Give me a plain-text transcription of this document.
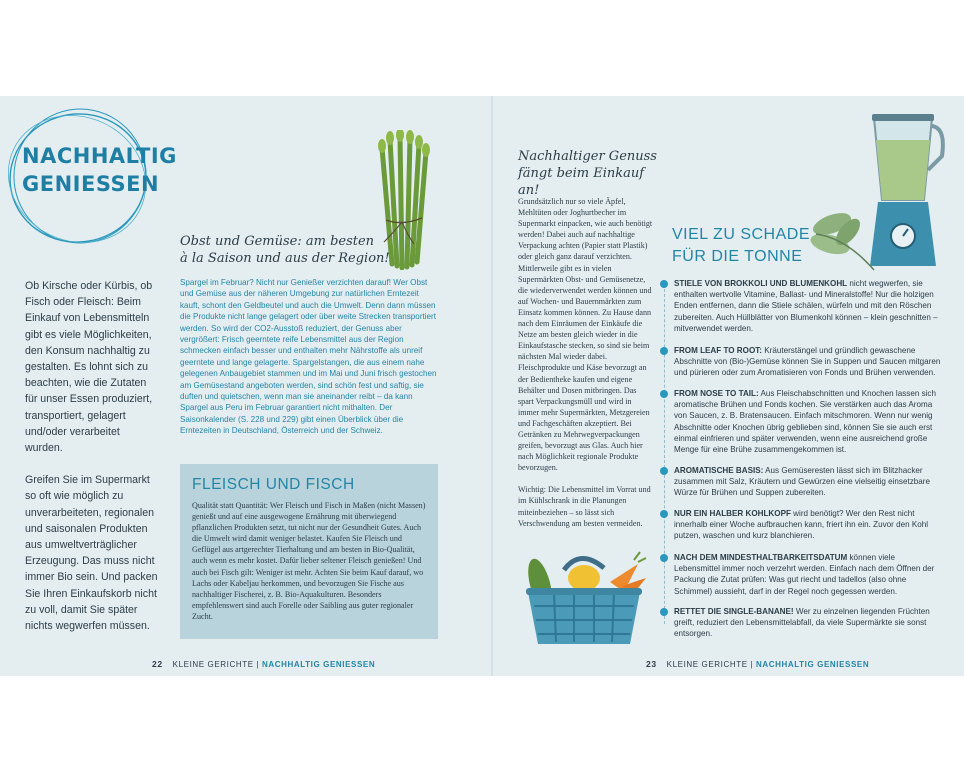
NACHHALTIG
GENIESSEN

Ob Kirsche oder Kürbis, ob Fisch oder Fleisch: Beim Einkauf von Lebensmitteln gibt es viele Möglichkeiten, den Konsum nachhaltig zu gestalten. Es lohnt sich zu beachten, wie die Zutaten für unser Essen produziert, transportiert, gelagert und/oder verarbeitet wurden.

Greifen Sie im Supermarkt so oft wie möglich zu unverarbeiteten, regionalen und saisonalen Produkten aus umweltverträglicher Erzeugung. Das muss nicht immer Bio sein. Und packen Sie Ihren Einkaufskorb nicht zu voll, damit Sie später nichts wegwerfen müssen.

Obst und Gemüse: am besten
à la Saison und aus der Region!

Spargel im Februar? Nicht nur Genießer verzichten darauf! Wer Obst und Gemüse aus der näheren Umgebung zur natürlichen Erntezeit kauft, schont den Geldbeutel und auch die Umwelt. Denn dann müssen die Produkte nicht lange gelagert oder über weite Strecken transportiert werden. So wird der CO2-Ausstoß reduziert, der Genuss aber vergrößert: Frisch geerntete reife Lebensmittel aus der Region schmecken einfach besser und enthalten mehr Nährstoffe als unreif geerntete und lange gelagerte. Spargelstangen, die aus einem nahe gelegenen Anbaugebiet stammen und im Mai und Juni frisch gestochen am Gemüsestand angeboten werden, sind schön fest und saftig, sie duften und quietschen, wenn man sie aneinander reibt – da kann Spargel aus Peru im Februar garantiert nicht mithalten. Der Saisonkalender (S. 228 und 229) gibt einen Überblick über die Erntezeiten in Deutschland, Österreich und der Schweiz.

FLEISCH UND FISCH

Qualität statt Quantität: Wer Fleisch und Fisch in Maßen (nicht Massen) genießt und auf eine ausgewogene Ernährung mit überwiegend pflanzlichen Produkten setzt, tut nicht nur der Gesundheit Gutes. Auch die Umwelt wird damit weniger belastet. Kaufen Sie Fleisch und Geflügel aus artgerechter Tierhaltung und am besten in Bio-Qualität, auch wenn es mehr kostet. Dafür lieber seltener Fleisch genießen! Und auch bei Fisch gilt: Weniger ist mehr. Achten Sie beim Kauf darauf, wo Lachs oder Kabeljau herkommen, und bevorzugen Sie Fische aus nachhaltiger Fischerei, z. B. Bio-Aquakulturen. Besonders empfehlenswert sind auch Forelle oder Saibling aus guter regionaler Zucht.

22 KLEINE GERICHTE | NACHHALTIG GENIESSEN
Nachhaltiger Genuss
fängt beim Einkauf an!

Grundsätzlich nur so viele Äpfel, Mehltüten oder Joghurtbecher im Supermarkt einpacken, wie auch benötigt werden! Dabei auch auf nachhaltige Verpackung achten (Papier statt Plastik) oder gleich ganz darauf verzichten. Mittlerweile gibt es in vielen Supermärkten Obst- und Gemüsenetze, die wiederverwendet werden können und auf Wochen- und Bauernmärkten zum Einsatz kommen können. Zu Hause dann nach dem Einräumen der Einkäufe die Netze am besten gleich wieder in die Einkaufstasche stecken, so sind sie beim nächsten Mal wieder dabei. Fleischprodukte und Käse bevorzugt an der Bedientheke kaufen und eigene Behälter und Dosen mitbringen. Das spart Verpackungsmüll und wird in immer mehr Supermärkten, Metzgereien und Fachgeschäften akzeptiert. Bei Getränken zu Mehrwegverpackungen greifen, bevorzugt aus Glas. Auch hier nach Möglichkeit regionale Produkte bevorzugen.

Wichtig: Die Lebensmittel im Vorrat und im Kühlschrank in die Planungen miteinbeziehen – so lässt sich Verschwendung am besten vermeiden.

VIEL ZU SCHADE
FÜR DIE TONNE
STIELE VON BROKKOLI UND BLUMENKOHL nicht wegwerfen, sie enthalten wertvolle Vitamine, Ballast- und Mineralstoffe! Nur die holzigen Enden entfernen, dann die Stiele schälen, würfeln und mit den Röschen zubereiten. Auch Hüllblätter von Blumenkohl können – klein geschnitten – mitverwendet werden.
FROM LEAF TO ROOT: Kräuterstängel und gründlich gewaschene Abschnitte von (Bio-)Gemüse können Sie in Suppen und Saucen mitgaren und pürieren oder zum Aromatisieren von Fonds und Brühen verwenden.
FROM NOSE TO TAIL: Aus Fleischabschnitten und Knochen lassen sich aromatische Brühen und Fonds kochen. Sie verstärken auch das Aroma von Saucen, z. B. Bratensaucen. Einfach mitschmoren. Wenn nur wenig Abschnitte oder Knochen übrig geblieben sind, können Sie sie auch erst einmal einfrieren und später verwenden, wenn eine ausreichend große Menge für eine Brühe zusammengekommen ist.
AROMATISCHE BASIS: Aus Gemüseresten lässt sich im Blitzhacker zusammen mit Salz, Kräutern und Gewürzen eine vielseitig einsetzbare Würze für Brühen und Suppen zubereiten.
NUR EIN HALBER KOHLKOPF wird benötigt? Wer den Rest nicht innerhalb einer Woche aufbrauchen kann, friert ihn ein. Zuvor den Kohl putzen, waschen und kurz blanchieren.
NACH DEM MINDESTHALTBARKEITSDATUM können viele Lebensmittel immer noch verzehrt werden. Einfach nach dem Öffnen der Packung die Zutat prüfen: Was gut riecht und tadellos (also ohne Schimmel) aussieht, darf in der Regel noch gegessen werden.
RETTET DIE SINGLE-BANANE! Wer zu einzelnen liegenden Früchten greift, reduziert den Lebensmittelabfall, da viele Supermärkte sie sonst entsorgen.
23 KLEINE GERICHTE | NACHHALTIG GENIESSEN
